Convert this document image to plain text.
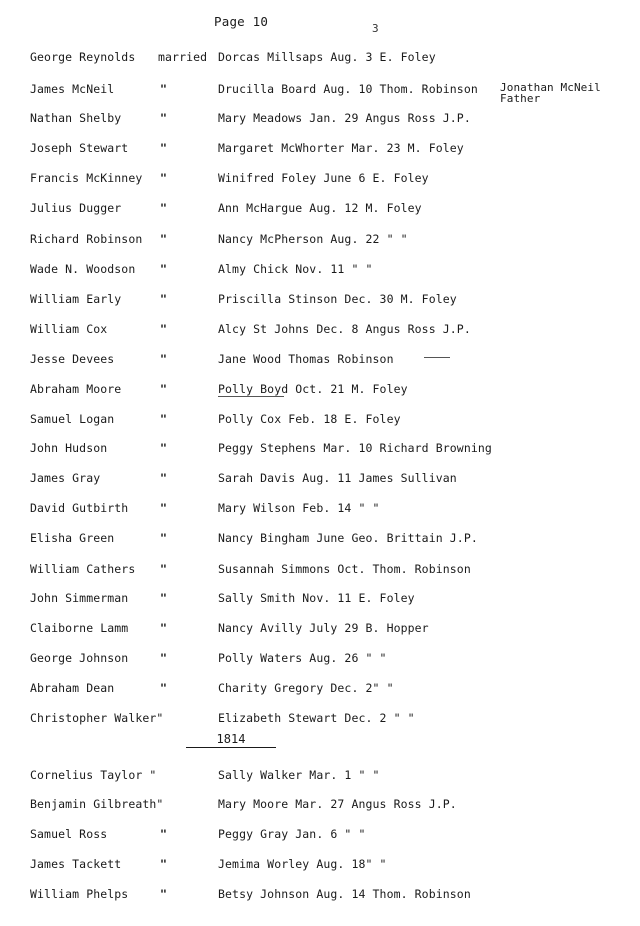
Page 10	3
George Reynolds married Dorcas Millsaps Aug. 3 E. Foley
James McNeil	"	Drucilla Board Aug. 10 Thom. Robinson Jonathan McNeil Father
Nathan Shelby	"	Mary Meadows Jan. 29 Angus Ross J.P.
Joseph Stewart	"	Margaret McWhorter Mar. 23 M. Foley
Francis McKinney "	Winifred Foley June 6 E. Foley
Julius Dugger	"	Ann McHargue Aug. 12 M. Foley
Richard Robinson "	Nancy McPherson Aug. 22 " "
Wade N. Woodson "	Almy Chick Nov. 11 " "
William Early	"	Priscilla Stinson Dec. 30 M. Foley
William Cox	"	Alcy St Johns Dec. 8 Angus Ross J.P.
Jesse Devees	"	Jane Wood Thomas Robinson
Abraham Moore	"	Polly Boyd Oct. 21 M. Foley
Samuel Logan	"	Polly Cox Feb. 18 E. Foley
John Hudson	"	Peggy Stephens Mar. 10 Richard Browning
James Gray	"	Sarah Davis Aug. 11 James Sullivan
David Gutbirth	"	Mary Wilson Feb. 14 " "
Elisha Green	"	Nancy Bingham June Geo. Brittain J.P.
William Cathers "	Susannah Simmons Oct. Thom. Robinson
John Simmerman	"	Sally Smith Nov. 11 E. Foley
Claiborne Lamm	"	Nancy Avilly July 29 B. Hopper
George Johnson	"	Polly Waters Aug. 26 " "
Abraham Dean	"	Charity Gregory Dec. 2" "
Christopher Walker"	Elizabeth Stewart Dec. 2 " "
Cornelius Taylor "	Sally Walker Mar. 1 " "
Benjamin Gilbreath"	Mary Moore Mar. 27 Angus Ross J.P.
Samuel Ross	"	Peggy Gray Jan. 6 " "
James Tackett	"	Jemima Worley Aug. 18" "
William Phelps	"	Betsy Johnson Aug. 14 Thom. Robinson
1814
